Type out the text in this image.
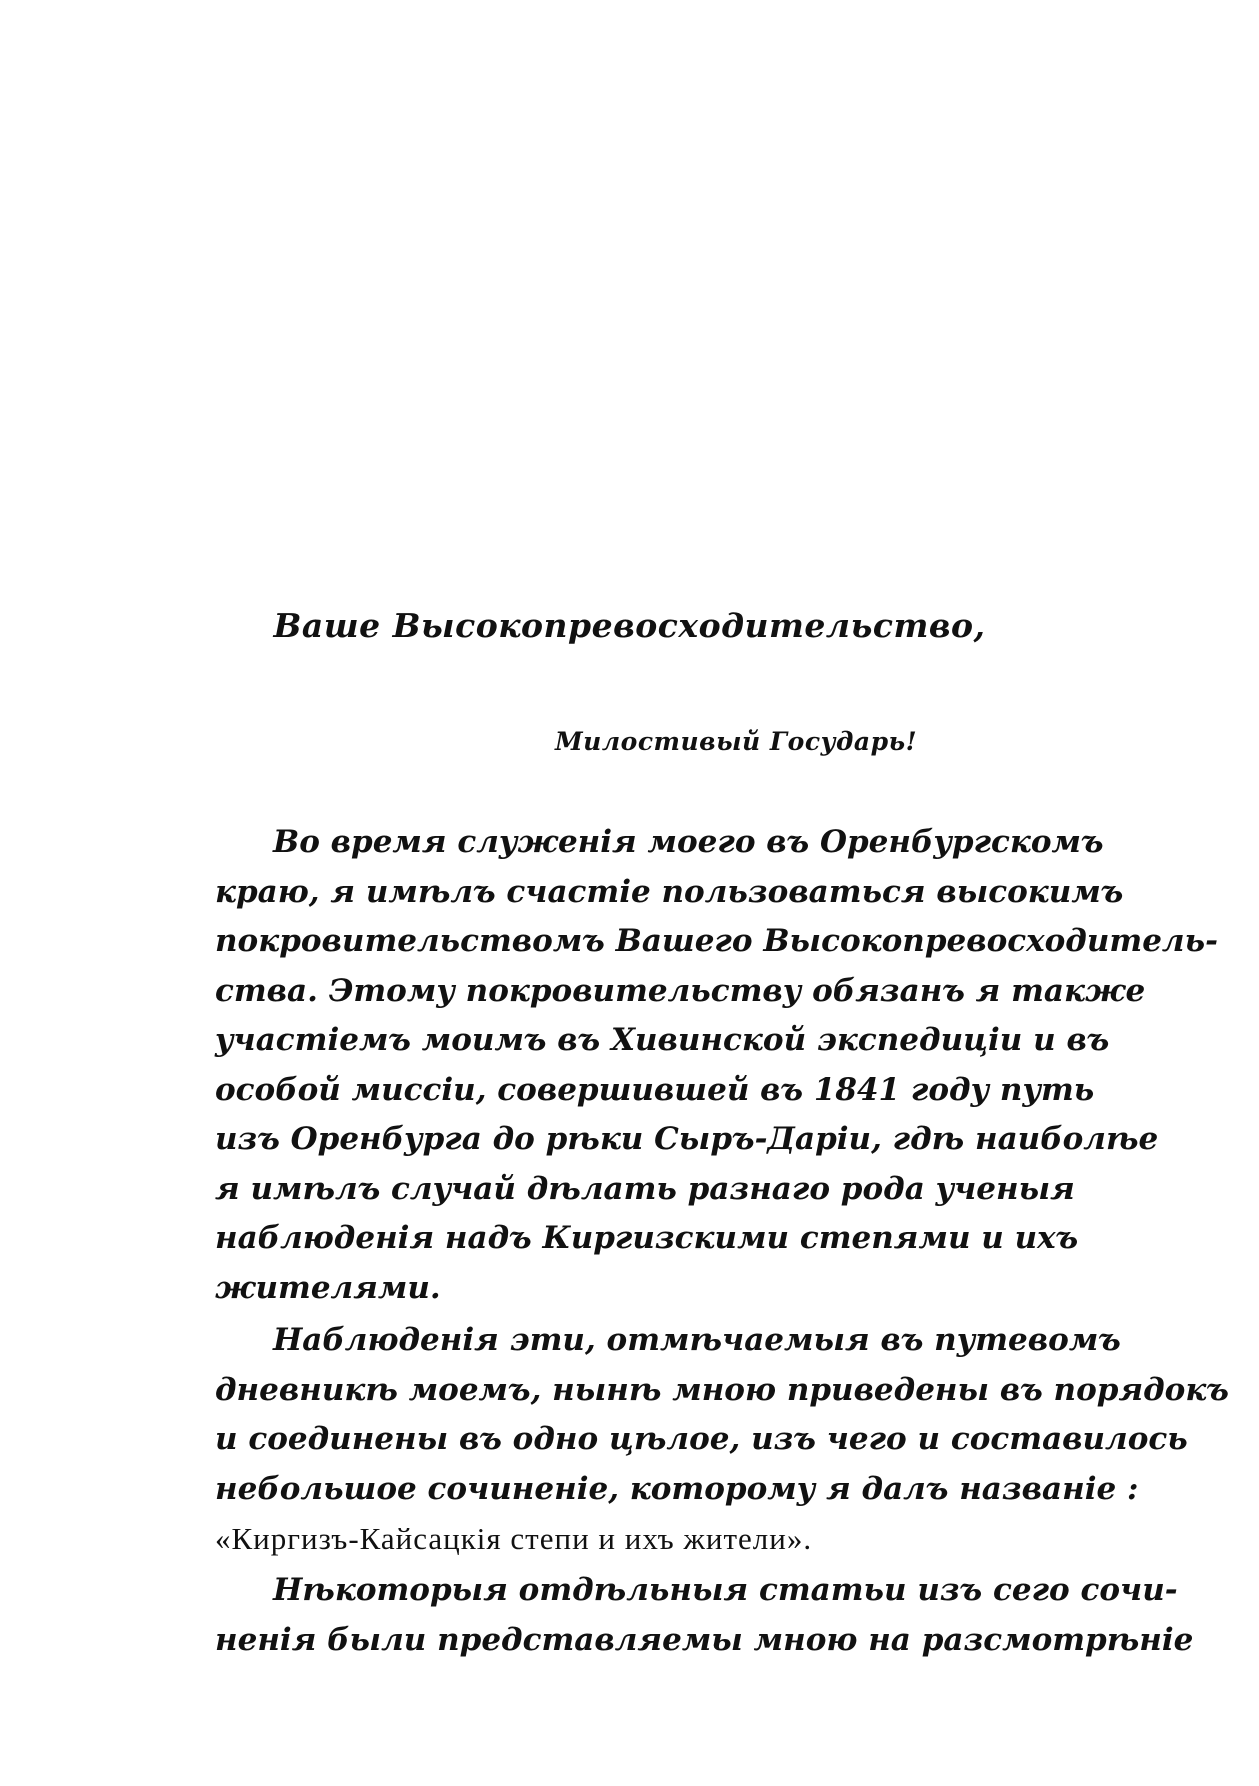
Ваше Высокопревосходительство,
Милостивый Государь!
Во время служенія моего въ Оренбургскомъ
краю, я имѣлъ счастіе пользоваться высокимъ
покровительствомъ Вашего Высокопревосходитель-
ства. Этому покровительству обязанъ я также
участіемъ моимъ въ Хивинской экспедиціи и въ
особой миссіи, совершившей въ 1841 году путь
изъ Оренбурга до рѣки Сыръ-Даріи, гдѣ наиболѣе
я имѣлъ случай дѣлать разнаго рода ученыя
наблюденія надъ Киргизскими степями и ихъ
жителями.
Наблюденія эти, отмѣчаемыя въ путевомъ
дневникѣ моемъ, нынѣ мною приведены въ порядокъ
и соединены въ одно цѣлое, изъ чего и составилось
небольшое сочиненіе, которому я далъ названіе :
«Киргизъ-Кайсацкія степи и ихъ жители».
Нѣкоторыя отдѣльныя статьи изъ сего сочи-
ненія были представляемы мною на разсмотрѣніе
